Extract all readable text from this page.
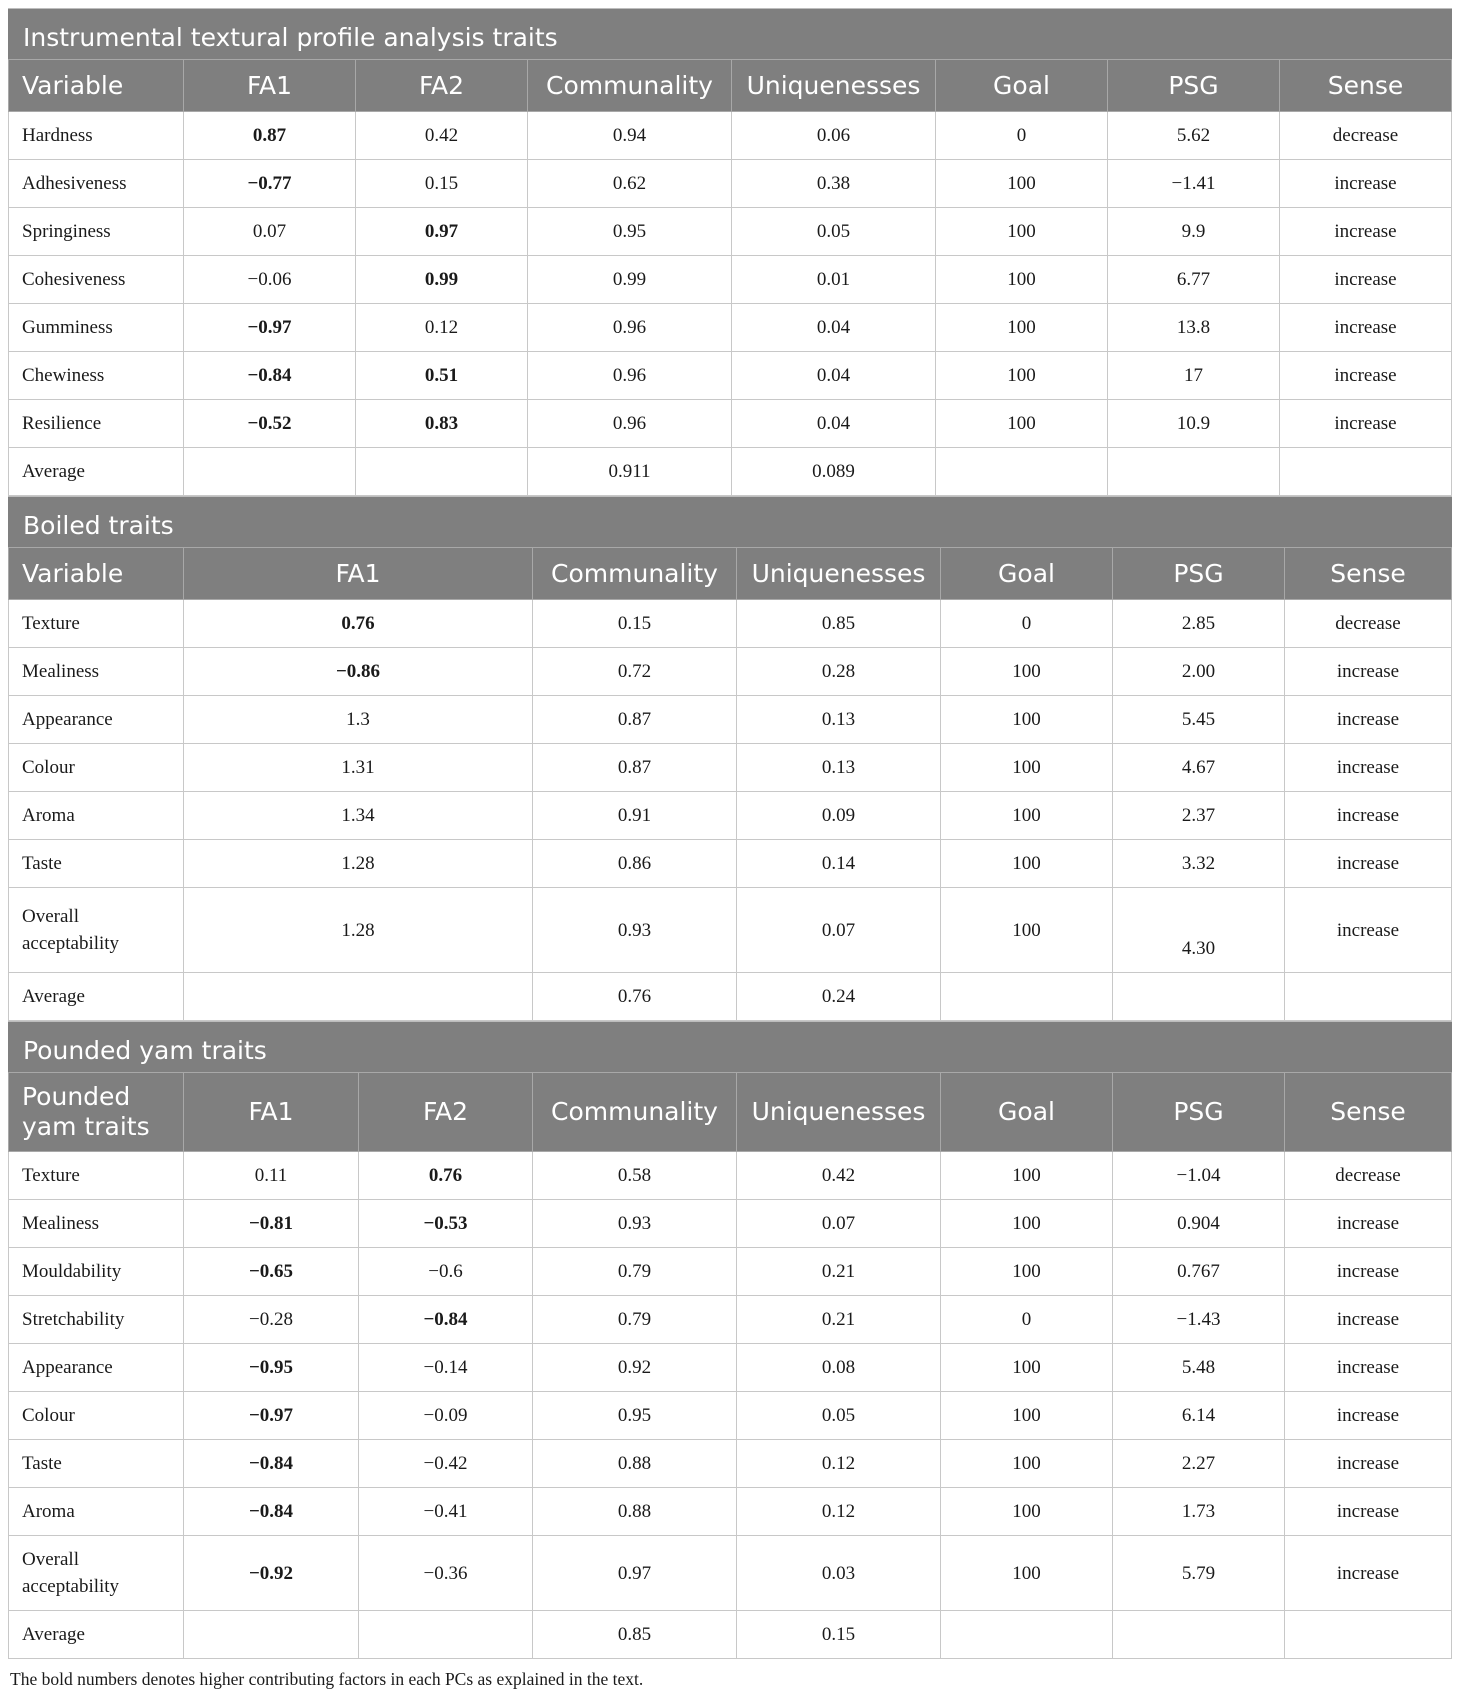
Instrumental textural profile analysis traits
Variable	FA1	FA2	Communality	Uniquenesses	Goal	PSG	Sense
Hardness	0.87	0.42	0.94	0.06	0	5.62	decrease
Adhesiveness	−0.77	0.15	0.62	0.38	100	−1.41	increase
Springiness	0.07	0.97	0.95	0.05	100	9.9	increase
Cohesiveness	−0.06	0.99	0.99	0.01	100	6.77	increase
Gumminess	−0.97	0.12	0.96	0.04	100	13.8	increase
Chewiness	−0.84	0.51	0.96	0.04	100	17	increase
Resilience	−0.52	0.83	0.96	0.04	100	10.9	increase
Average			0.911	0.089			
Boiled traits
Variable	FA1	Communality	Uniquenesses	Goal	PSG	Sense
Texture	0.76	0.15	0.85	0	2.85	decrease
Mealiness	−0.86	0.72	0.28	100	2.00	increase
Appearance	1.3	0.87	0.13	100	5.45	increase
Colour	1.31	0.87	0.13	100	4.67	increase
Aroma	1.34	0.91	0.09	100	2.37	increase
Taste	1.28	0.86	0.14	100	3.32	increase
Overall acceptability	1.28	0.93	0.07	100	4.30	increase
Average		0.76	0.24			
Pounded yam traits
Pounded yam traits	FA1	FA2	Communality	Uniquenesses	Goal	PSG	Sense
Texture	0.11	0.76	0.58	0.42	100	−1.04	decrease
Mealiness	−0.81	−0.53	0.93	0.07	100	0.904	increase
Mouldability	−0.65	−0.6	0.79	0.21	100	0.767	increase
Stretchability	−0.28	−0.84	0.79	0.21	0	−1.43	increase
Appearance	−0.95	−0.14	0.92	0.08	100	5.48	increase
Colour	−0.97	−0.09	0.95	0.05	100	6.14	increase
Taste	−0.84	−0.42	0.88	0.12	100	2.27	increase
Aroma	−0.84	−0.41	0.88	0.12	100	1.73	increase
Overall acceptability	−0.92	−0.36	0.97	0.03	100	5.79	increase
Average			0.85	0.15			
The bold numbers denotes higher contributing factors in each PCs as explained in the text.
